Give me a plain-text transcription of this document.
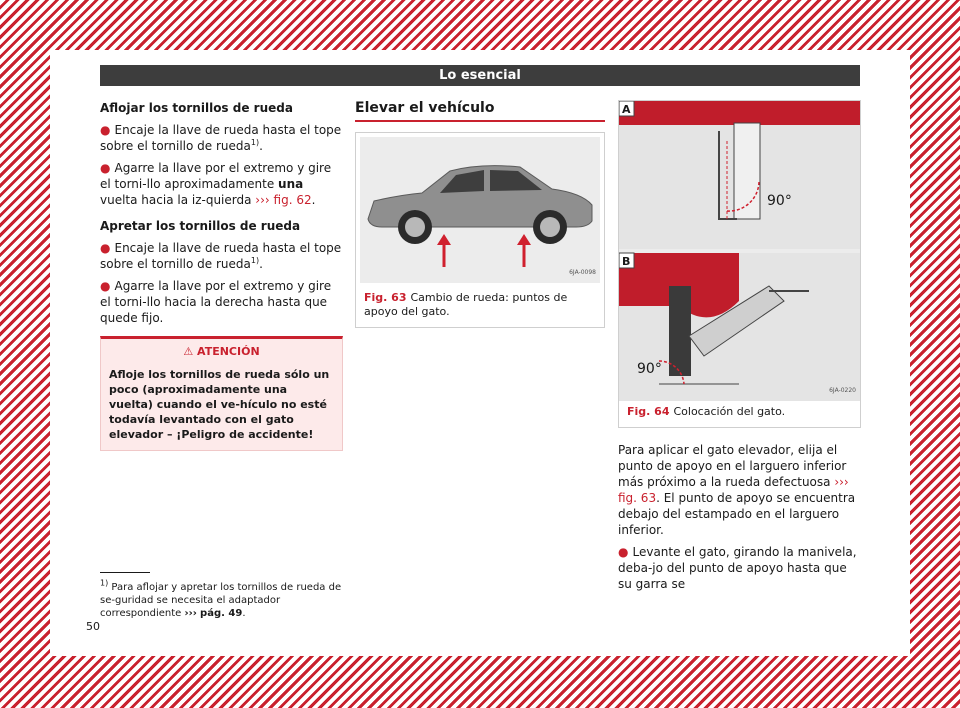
Lo esencial
Aflojar los tornillos de rueda
● Encaje la llave de rueda hasta el tope sobre el tornillo de rueda$^{1)}$.
● Agarre la llave por el extremo y gire el torni-llo aproximadamente una vuelta hacia la iz-quierda ››› fig. 62.
Apretar los tornillos de rueda
● Encaje la llave de rueda hasta el tope sobre el tornillo de rueda$^{1)}$.
● Agarre la llave por el extremo y gire el torni-llo hacia la derecha hasta que quede fijo.
⚠ ATENCIÓN
Afloje los tornillos de rueda sólo un poco (aproximadamente una vuelta) cuando el ve-hículo no esté todavía levantado con el gato elevador – ¡Peligro de accidente!
Elevar el vehículo
6JA-0098
Fig. 63 Cambio de rueda: puntos de apoyo del gato.
A
90°
B
90°
6JA-0220
Fig. 64 Colocación del gato.

Para aplicar el gato elevador, elija el punto de apoyo en el larguero inferior más próximo a la rueda defectuosa ››› fig. 63. El punto de apoyo se encuentra debajo del estampado en el larguero inferior.

● Levante el gato, girando la manivela, deba-jo del punto de apoyo hasta que su garra se
$^{1)}$ Para aflojar y apretar los tornillos de rueda de se-guridad se necesita el adaptador correspondiente ››› pág. 49.
50
